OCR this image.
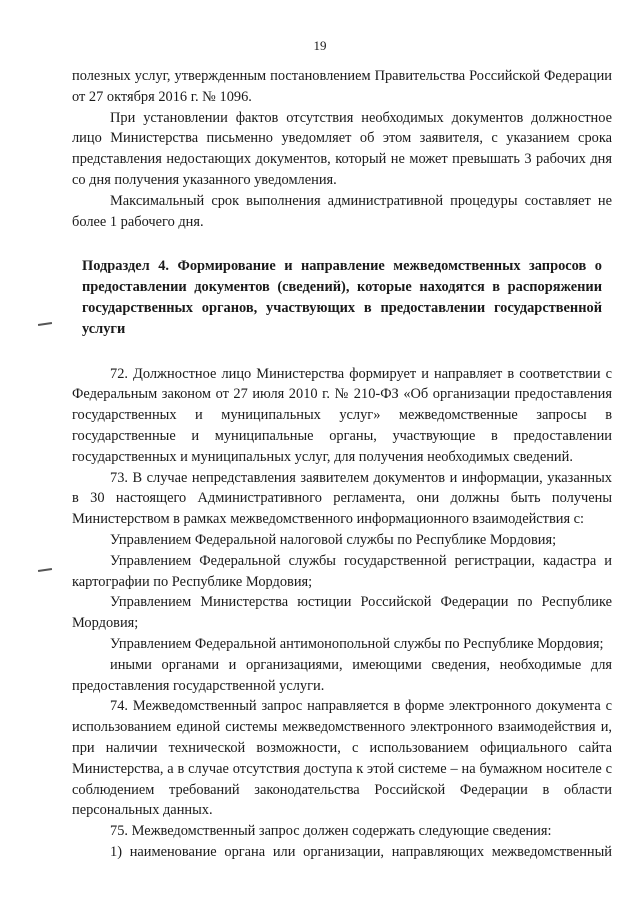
19

полезных услуг, утвержденным постановлением Правительства Российской Федерации от 27 октября 2016 г. № 1096.

При установлении фактов отсутствия необходимых документов должностное лицо Министерства письменно уведомляет об этом заявителя, с указанием срока представления недостающих документов, который не может превышать 3 рабочих дня со дня получения указанного уведомления.

Максимальный срок выполнения административной процедуры составляет не более 1 рабочего дня.

Подраздел 4. Формирование и направление межведомственных запросов о предоставлении документов (сведений), которые находятся в распоряжении государственных органов, участвующих в предоставлении государственной услуги

72. Должностное лицо Министерства формирует и направляет в соответствии с Федеральным законом от 27 июля 2010 г. № 210-ФЗ «Об организации предоставления государственных и муниципальных услуг» межведомственные запросы в государственные и муниципальные органы, участвующие в предоставлении государственных и муниципальных услуг, для получения необходимых сведений.

73. В случае непредставления заявителем документов и информации, указанных в 30 настоящего Административного регламента, они должны быть получены Министерством в рамках межведомственного информационного взаимодействия с:

Управлением Федеральной налоговой службы по Республике Мордовия;

Управлением Федеральной службы государственной регистрации, кадастра и картографии по Республике Мордовия;

Управлением Министерства юстиции Российской Федерации по Республике Мордовия;

Управлением Федеральной антимонопольной службы по Республике Мордовия;

иными органами и организациями, имеющими сведения, необходимые для предоставления государственной услуги.

74. Межведомственный запрос направляется в форме электронного документа с использованием единой системы межведомственного электронного взаимодействия и, при наличии технической возможности, с использованием официального сайта Министерства, а в случае отсутствия доступа к этой системе – на бумажном носителе с соблюдением требований законодательства Российской Федерации в области персональных данных.

75. Межведомственный запрос должен содержать следующие сведения:

1) наименование органа или организации, направляющих межведомственный
